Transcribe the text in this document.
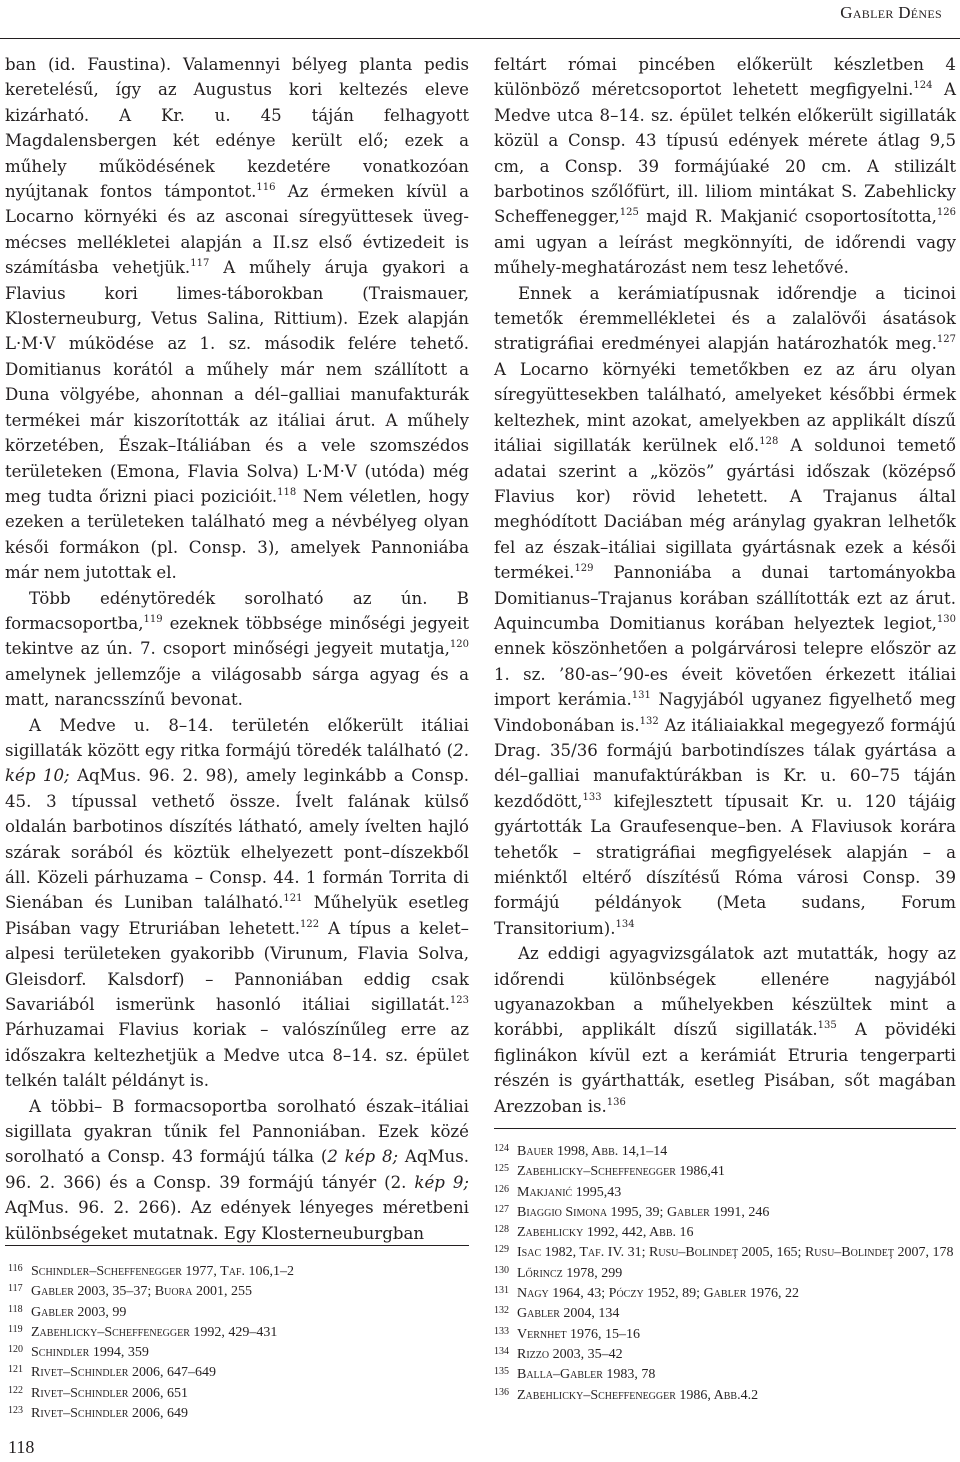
Gabler Dénes

ban (id. Faustina). Valamennyi bélyeg planta pedis keretelésű, így az Augustus kori keltezés eleve kizárható. A Kr. u. 45 táján felhagyott Magdalensbergen két edénye került elő; ezek a műhely működésének kezdetére vonatkozóan nyújtanak fontos támpontot.$^{116}$ Az érmeken kívül a Locarno környéki és az asconai síregyüttesek üveg-mécses mellékletei alapján a II.sz első évtizedeit is számításba vehetjük.$^{117}$ A műhely áruja gyakori a Flavius kori limes-táborokban (Traismauer, Klosterneuburg, Vetus Salina, Rittium). Ezek alapján L·M·V múködése az 1. sz. második felére tehető. Domitianus korától a műhely már nem szállított a Duna völgyébe, ahonnan a dél–galliai manufakturák termékei már kiszorították az itáliai árut. A műhely körzetében, Észak–Itáliában és a vele szomszédos területeken (Emona, Flavia Solva) L·M·V (utóda) még meg tudta őrizni piaci pozicióit.$^{118}$ Nem véletlen, hogy ezeken a területeken található meg a névbélyeg olyan késői formákon (pl. Consp. 3), amelyek Pannoniába már nem jutottak el.

Több edénytöredék sorolható az ún. B formacsoportba,$^{119}$ ezeknek többsége minőségi jegyeit tekintve az ún. 7. csoport minőségi jegyeit mutatja,$^{120}$ amelynek jellemzője a világosabb sárga agyag és a matt, narancsszínű bevonat.

A Medve u. 8–14. területén előkerült itáliai sigillaták között egy ritka formájú töredék található (2. kép 10; AqMus. 96. 2. 98), amely leginkább a Consp. 45. 3 típussal vethető össze. Ívelt falának külső oldalán barbotinos díszítés látható, amely ívelten hajló szárak sorából és köztük elhelyezett pont–díszekből áll. Közeli párhuzama – Consp. 44. 1 formán Torrita di Sienában és Luniban található.$^{121}$ Műhelyük esetleg Pisában vagy Etruriában lehetett.$^{122}$ A típus a kelet–alpesi területeken gyakoribb (Virunum, Flavia Solva, Gleisdorf. Kalsdorf) – Pannoniában eddig csak Savariából ismerünk hasonló itáliai sigillatát.$^{123}$ Párhuzamai Flavius koriak – valószínűleg erre az időszakra keltezhetjük a Medve utca 8–14. sz. épület telkén talált példányt is.

A többi– B formacsoportba sorolható észak–itáliai sigillata gyakran tűnik fel Pannoniában. Ezek közé sorolható a Consp. 43 formájú tálka (2 kép 8; AqMus. 96. 2. 366) és a Consp. 39 formájú tányér (2. kép 9; AqMus. 96. 2. 266). Az edények lényeges méretbeni különbségeket mutatnak. Egy Klosterneuburgban

feltárt római pincében előkerült készletben 4 különböző méretcsoportot lehetett megfigyelni.$^{124}$ A Medve utca 8–14. sz. épület telkén előkerült sigillaták közül a Consp. 43 típusú edények mérete átlag 9,5 cm, a Consp. 39 formájúaké 20 cm. A stilizált barbotinos szőlőfürt, ill. liliom mintákat S. Zabehlicky Scheffenegger,$^{125}$ majd R. Makjanić csoportosította,$^{126}$ ami ugyan a leírást megkönnyíti, de időrendi vagy műhely-meghatározást nem tesz lehetővé.

Ennek a kerámiatípusnak időrendje a ticinoi temetők éremmellékletei és a zalalövői ásatások stratigráfiai eredményei alapján határozhatók meg.$^{127}$ A Locarno környéki temetőkben ez az áru olyan síregyüttesekben található, amelyeket későbbi érmek keltezhek, mint azokat, amelyekben az applikált díszű itáliai sigillaták kerülnek elő.$^{128}$ A soldunoi temető adatai szerint a „közös” gyártási időszak (középső Flavius kor) rövid lehetett. A Trajanus által meghódított Daciában még aránylag gyakran lelhetők fel az észak–itáliai sigillata gyártásnak ezek a késői termékei.$^{129}$ Pannoniába a dunai tartományokba Domitianus–Trajanus korában szállították ezt az árut. Aquincumba Domitianus korában helyeztek legiot,$^{130}$ ennek köszönhetően a polgárvárosi telepre először az 1. sz. ’80-as–’90-es éveit követően érkezett itáliai import kerámia.$^{131}$ Nagyjából ugyanez figyelhető meg Vindobonában is.$^{132}$ Az itáliaiakkal megegyező formájú Drag. 35/36 formájú barbotindíszes tálak gyártása a dél–galliai manufaktúrákban is Kr. u. 60–75 táján kezdődött,$^{133}$ kifejlesztett típusait Kr. u. 120 tájáig gyártották La Graufesenque–ben. A Flaviusok korára tehetők – stratigráfiai megfigyelések alapján – a miénktől eltérő díszítésű Róma városi Consp. 39 formájú példányok (Meta sudans, Forum Transitorium).$^{134}$

Az eddigi agyagvizsgálatok azt mutatták, hogy az időrendi különbségek ellenére nagyjából ugyanazokban a műhelyekben készültek mint a korábbi, applikált díszű sigillaták.$^{135}$ A pövidéki figlinákon kívül ezt a kerámiát Etruria tengerparti részén is gyárthatták, esetleg Pisában, sőt magában Arezzoban is.$^{136}$

116 Schindler–Scheffenegger 1977, Taf. 106,1–2
117 Gabler 2003, 35–37; Buora 2001, 255
118 Gabler 2003, 99
119 Zabehlicky–Scheffenegger 1992, 429–431
120 Schindler 1994, 359
121 Rivet–Schindler 2006, 647–649
122 Rivet–Schindler 2006, 651
123 Rivet–Schindler 2006, 649
124 Bauer 1998, Abb. 14,1–14
125 Zabehlicky–Scheffenegger 1986,41
126 Makjanić 1995,43
127 Biaggio Simona 1995, 39; Gabler 1991, 246
128 Zabehlicky 1992, 442, Abb. 16
129 Isac 1982, Taf. IV. 31; Rusu–Bolindeţ 2005, 165; Rusu–Bolindeţ 2007, 178
130 Lőrincz 1978, 299
131 Nagy 1964, 43; Póczy 1952, 89; Gabler 1976, 22
132 Gabler 2004, 134
133 Vernhet 1976, 15–16
134 Rizzo 2003, 35–42
135 Balla–Gabler 1983, 78
136 Zabehlicky–Scheffenegger 1986, Abb.4.2
118
